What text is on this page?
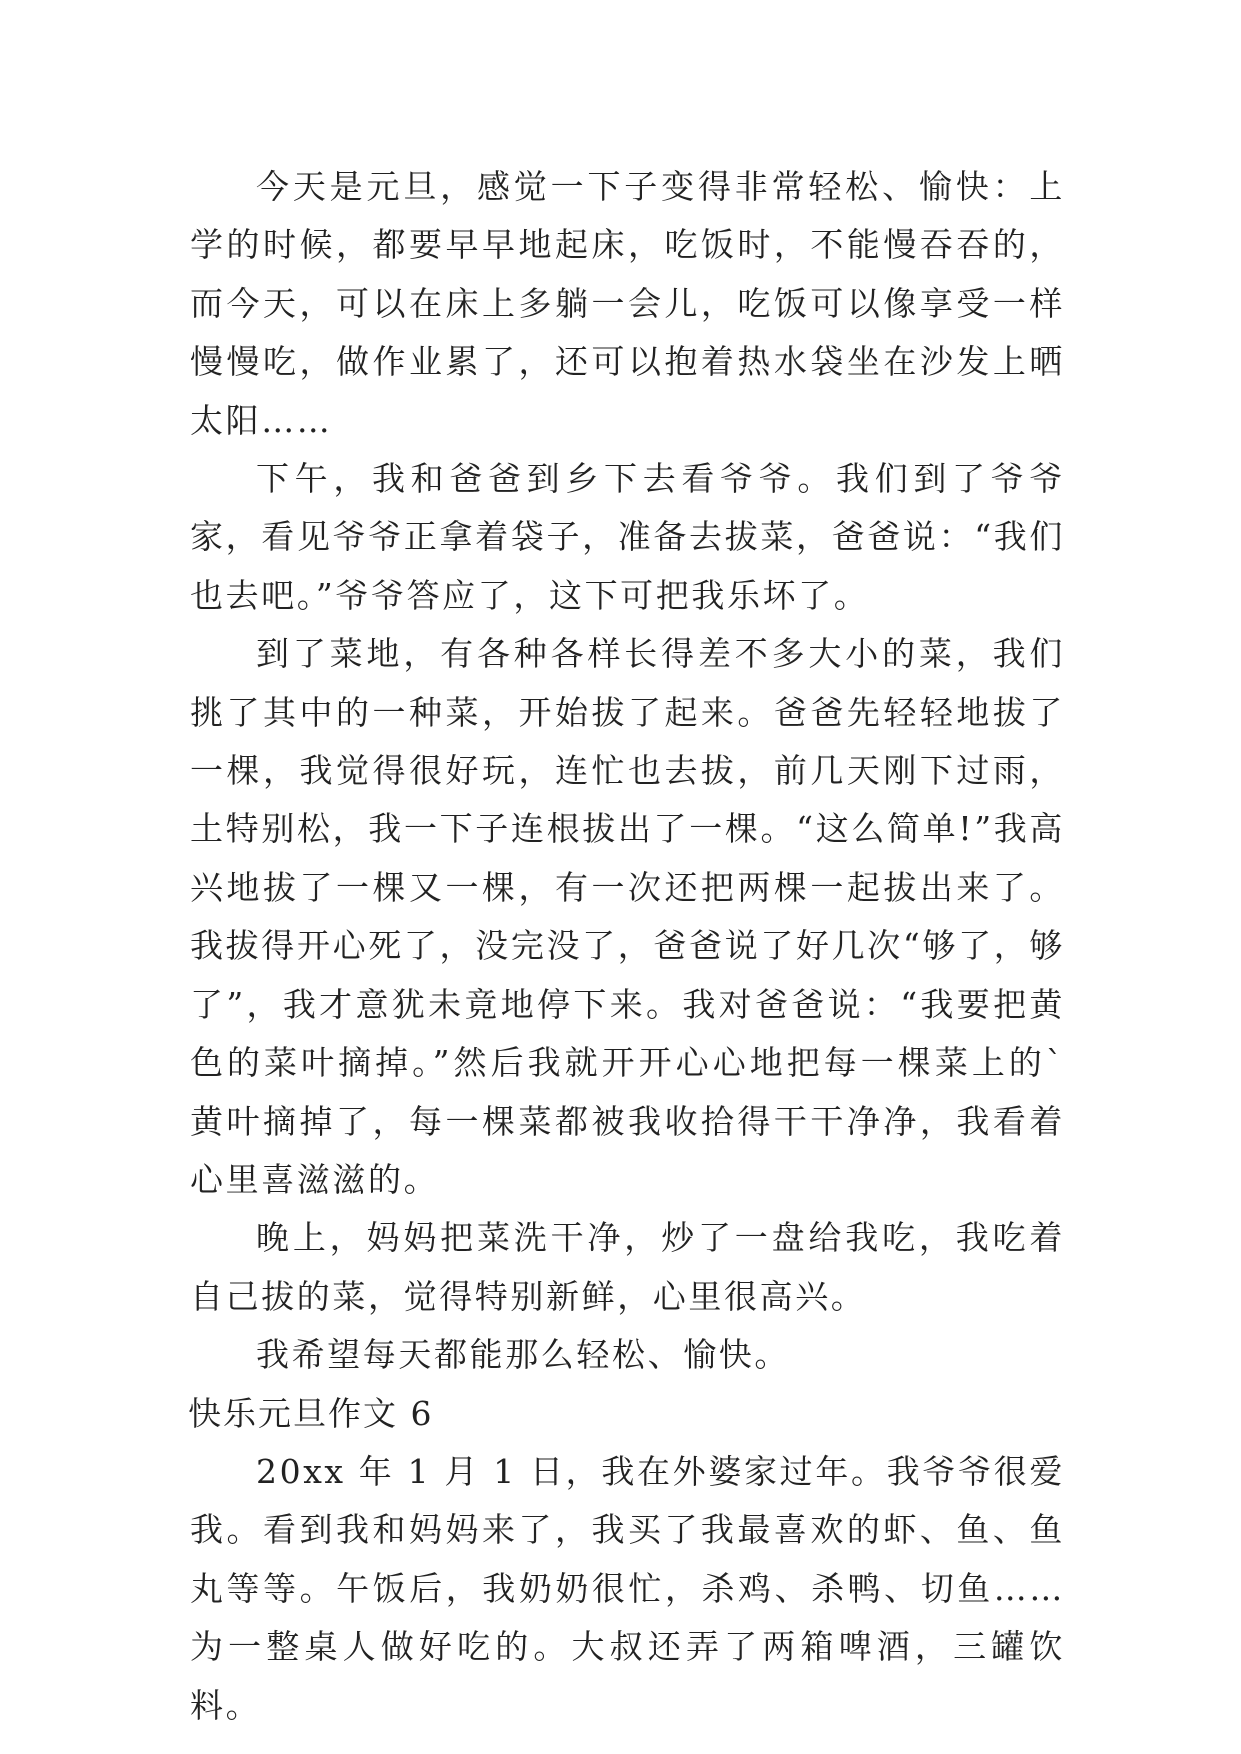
今天是元旦，感觉一下子变得非常轻松、愉快：上学的时候，都要早早地起床，吃饭时，不能慢吞吞的，而今天，可以在床上多躺一会儿，吃饭可以像享受一样慢慢吃，做作业累了，还可以抱着热水袋坐在沙发上晒太阳……

下午，我和爸爸到乡下去看爷爷。我们到了爷爷家，看见爷爷正拿着袋子，准备去拔菜，爸爸说：“我们也去吧。”爷爷答应了，这下可把我乐坏了。

到了菜地，有各种各样长得差不多大小的菜，我们挑了其中的一种菜，开始拔了起来。爸爸先轻轻地拔了一棵，我觉得很好玩，连忙也去拔，前几天刚下过雨，土特别松，我一下子连根拔出了一棵。“这么简单!”我高兴地拔了一棵又一棵，有一次还把两棵一起拔出来了。我拔得开心死了，没完没了，爸爸说了好几次“够了，够了”，我才意犹未竟地停下来。我对爸爸说：“我要把黄色的菜叶摘掉。”然后我就开开心心地把每一棵菜上的`黄叶摘掉了，每一棵菜都被我收拾得干干净净，我看着心里喜滋滋的。

晚上，妈妈把菜洗干净，炒了一盘给我吃，我吃着自己拔的菜，觉得特别新鲜，心里很高兴。

我希望每天都能那么轻松、愉快。

快乐元旦作文 6

20xx 年 1 月 1 日，我在外婆家过年。我爷爷很爱我。看到我和妈妈来了，我买了我最喜欢的虾、鱼、鱼丸等等。午饭后，我奶奶很忙，杀鸡、杀鸭、切鱼……为一整桌人做好吃的。大叔还弄了两箱啤酒，三罐饮料。
